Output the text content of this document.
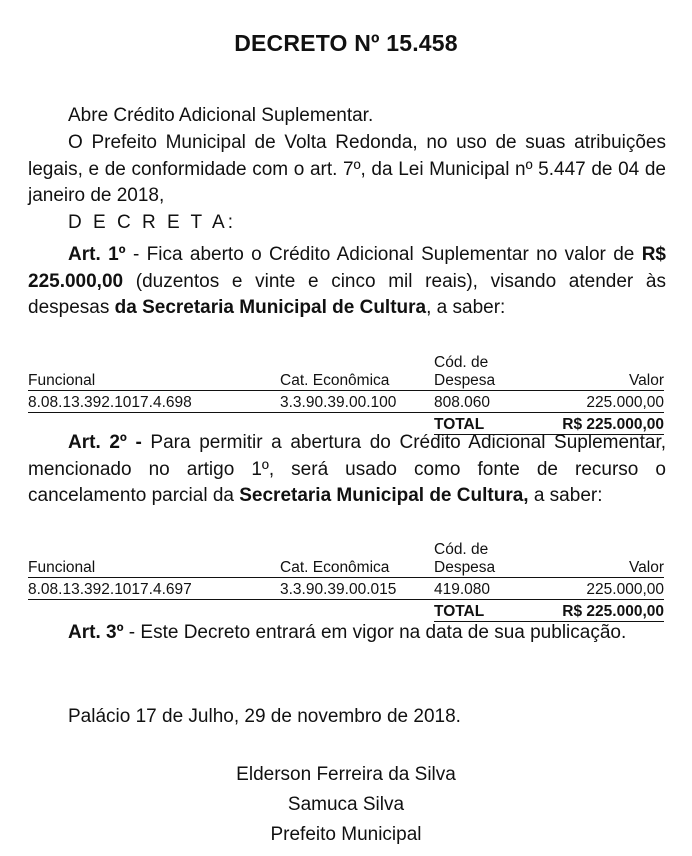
DECRETO Nº 15.458

Abre Crédito Adicional Suplementar.

O Prefeito Municipal de Volta Redonda, no uso de suas atribuições legais, e de conformidade com o art. 7º, da Lei Municipal nº 5.447 de 04 de janeiro de 2018,

D E C R E T A:

Art. 1º - Fica aberto o Crédito Adicional Suplementar no valor de R$ 225.000,00 (duzentos e vinte e cinco mil reais), visando atender às despesas da Secretaria Municipal de Cultura, a saber:

Funcional	Cat. Econômica	Cód. de Despesa	Valor
8.08.13.392.1017.4.698	3.3.90.39.00.100	808.060	225.000,00
		TOTAL	R$ 225.000,00

Art. 2º - Para permitir a abertura do Crédito Adicional Suplementar, mencionado no artigo 1º, será usado como fonte de recurso o cancelamento parcial da Secretaria Municipal de Cultura, a saber:

Funcional	Cat. Econômica	Cód. de Despesa	Valor
8.08.13.392.1017.4.697	3.3.90.39.00.015	419.080	225.000,00
		TOTAL	R$ 225.000,00

Art. 3º - Este Decreto entrará em vigor na data de sua publicação.

Palácio 17 de Julho, 29 de novembro de 2018.

Elderson Ferreira da Silva
Samuca Silva
Prefeito Municipal
